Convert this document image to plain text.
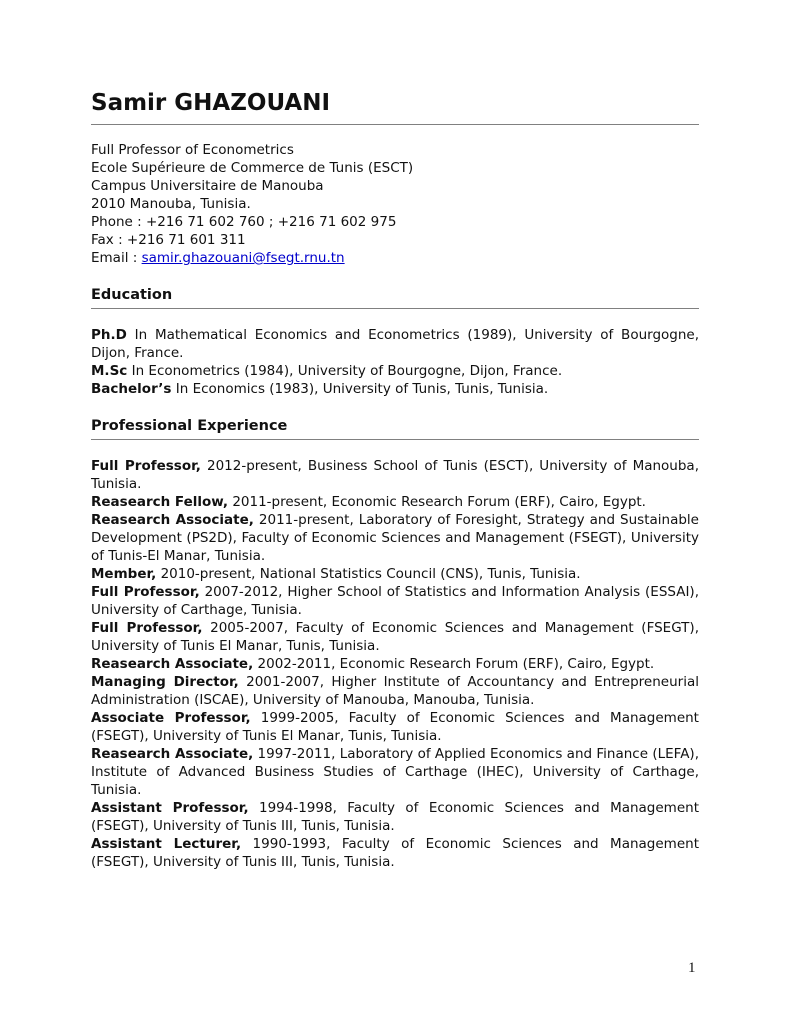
Samir GHAZOUANI
Full Professor of Econometrics
Ecole Supérieure de Commerce de Tunis (ESCT)
Campus Universitaire de Manouba
2010 Manouba, Tunisia.
Phone : +216 71 602 760 ; +216 71 602 975
Fax : +216 71 601 311
Email : samir.ghazouani@fsegt.rnu.tn
Education

Ph.D In Mathematical Economics and Econometrics (1989), University of Bourgogne, Dijon, France.

M.Sc In Econometrics (1984), University of Bourgogne, Dijon, France.

Bachelor’s In Economics (1983), University of Tunis, Tunis, Tunisia.

Professional Experience

Full Professor, 2012-present, Business School of Tunis (ESCT), University of Manouba, Tunisia.

Reasearch Fellow, 2011-present, Economic Research Forum (ERF), Cairo, Egypt.

Reasearch Associate, 2011-present, Laboratory of Foresight, Strategy and Sustainable Development (PS2D), Faculty of Economic Sciences and Management (FSEGT), University of Tunis-El Manar, Tunisia.

Member, 2010-present, National Statistics Council (CNS), Tunis, Tunisia.

Full Professor, 2007-2012, Higher School of Statistics and Information Analysis (ESSAI), University of Carthage, Tunisia.

Full Professor, 2005-2007, Faculty of Economic Sciences and Management (FSEGT), University of Tunis El Manar, Tunis, Tunisia.

Reasearch Associate, 2002-2011, Economic Research Forum (ERF), Cairo, Egypt.

Managing Director, 2001-2007, Higher Institute of Accountancy and Entrepreneurial Administration (ISCAE), University of Manouba, Manouba, Tunisia.

Associate Professor, 1999-2005, Faculty of Economic Sciences and Management (FSEGT), University of Tunis El Manar, Tunis, Tunisia.

Reasearch Associate, 1997-2011, Laboratory of Applied Economics and Finance (LEFA), Institute of Advanced Business Studies of Carthage (IHEC), University of Carthage, Tunisia.

Assistant Professor, 1994-1998, Faculty of Economic Sciences and Management (FSEGT), University of Tunis III, Tunis, Tunisia.

Assistant Lecturer, 1990-1993, Faculty of Economic Sciences and Management (FSEGT), University of Tunis III, Tunis, Tunisia.

1
